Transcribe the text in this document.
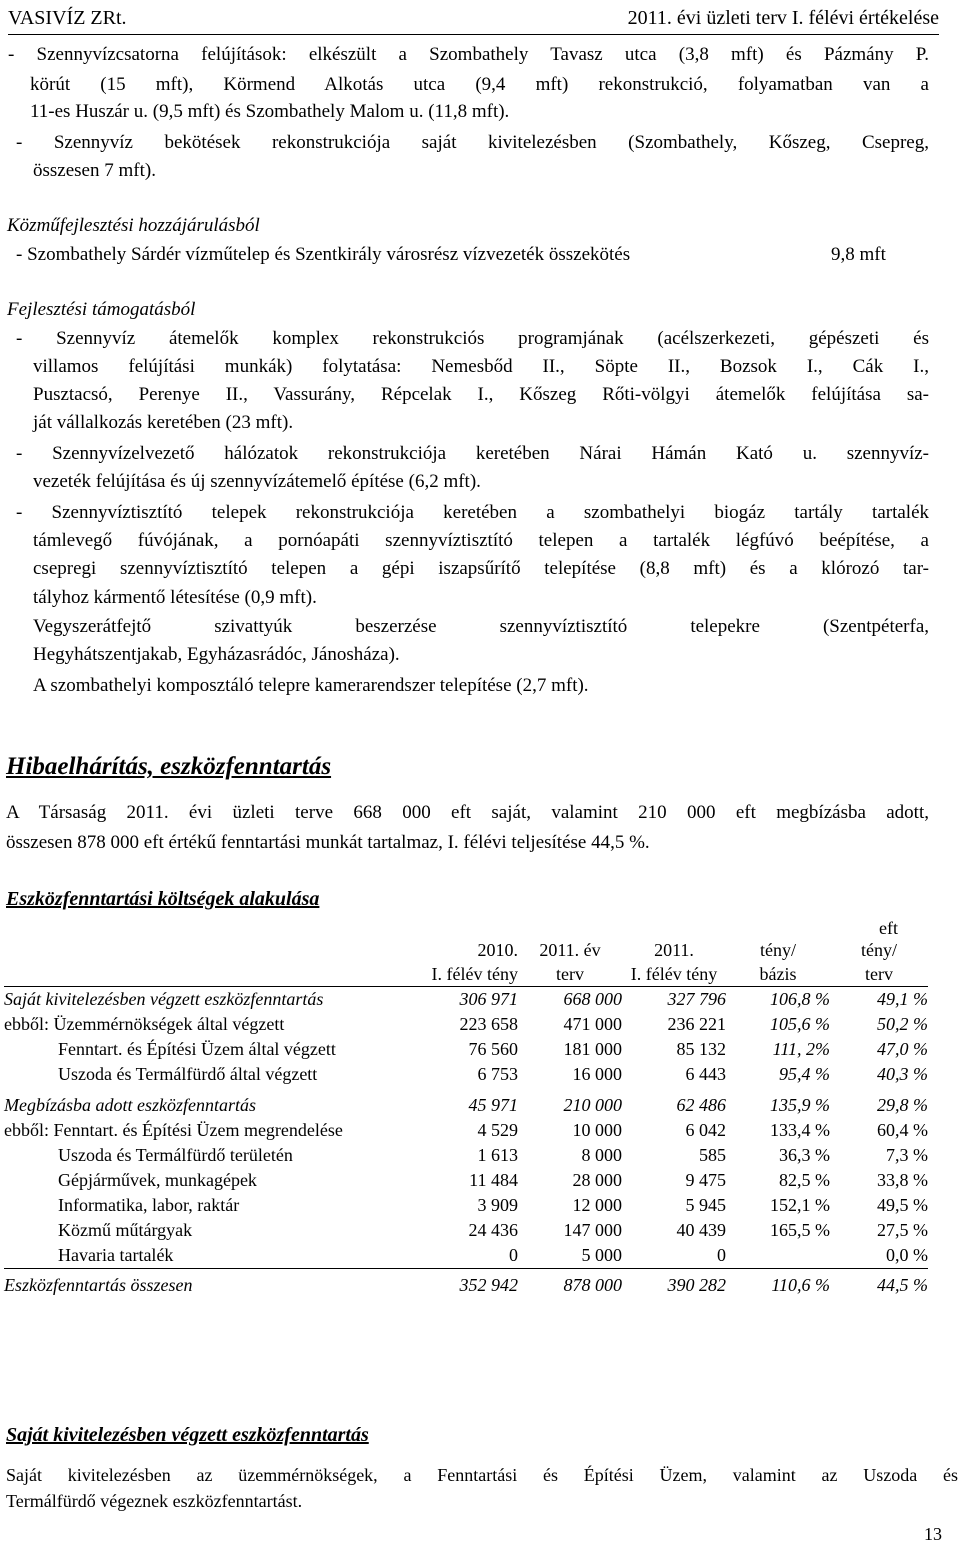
VASIVÍZ ZRt.	2011. évi üzleti terv I. félévi értékelése
- Szennyvízcsatorna felújítások: elkészült a Szombathely Tavasz utca (3,8 mft) és Pázmány P.
körút (15 mft), Körmend Alkotás utca (9,4 mft) rekonstrukció, folyamatban van a
11-es Huszár u. (9,5 mft) és Szombathely Malom u. (11,8 mft).
- Szennyvíz bekötések rekonstrukciója saját kivitelezésben (Szombathely, Kőszeg, Csepreg,
összesen 7 mft).
Közműfejlesztési hozzájárulásból
- Szombathely Sárdér vízműtelep és Szentkirály városrész vízvezeték összekötés	9,8 mft
Fejlesztési támogatásból
- Szennyvíz átemelők komplex rekonstrukciós programjának (acélszerkezeti, gépészeti és
villamos felújítási munkák) folytatása: Nemesbőd II., Söpte II., Bozsok I., Cák I.,
Pusztacsó, Perenye II., Vassurány, Répcelak I., Kőszeg Rőti-völgyi átemelők felújítása sa-
ját vállalkozás keretében (23 mft).
- Szennyvízelvezető hálózatok rekonstrukciója keretében Nárai Hámán Kató u. szennyvíz-
vezeték felújítása és új szennyvízátemelő építése (6,2 mft).
- Szennyvíztisztító telepek rekonstrukciója keretében a szombathelyi biogáz tartály tartalék
támlevegő fúvójának, a pornóapáti szennyvíztisztító telepen a tartalék légfúvó beépítése, a
csepregi szennyvíztisztító telepen a gépi iszapsűrítő telepítése (8,8 mft) és a klórozó tar-
tályhoz kármentő létesítése (0,9 mft).
Vegyszerátfejtő szivattyúk beszerzése szennyvíztisztító telepekre (Szentpéterfa,
Hegyhátszentjakab, Egyházasrádóc, Jánosháza).
A szombathelyi komposztáló telepre kamerarendszer telepítése (2,7 mft).
Hibaelhárítás, eszközfenntartás
A Társaság 2011. évi üzleti terve 668 000 eft saját, valamint 210 000 eft megbízásba adott,
összesen 878 000 eft értékű fenntartási munkát tartalmaz, I. félévi teljesítése 44,5 %.
Eszközfenntartási költségek alakulása
eft
	2010.	2011. év	2011.	tény/	tény/
	I. félév tény	terv	I. félév tény	bázis	terv
Saját kivitelezésben végzett eszközfenntartás	306 971	668 000	327 796	106,8 %	49,1 %
ebből: Üzemmérnökségek által végzett	223 658	471 000	236 221	105,6 %	50,2 %
Fenntart. és Építési Üzem által végzett	76 560	181 000	85 132	111, 2%	47,0 %
Uszoda és Termálfürdő által végzett	6 753	16 000	6 443	95,4 %	40,3 %

Megbízásba adott eszközfenntartás	45 971	210 000	62 486	135,9 %	29,8 %
ebből: Fenntart. és Építési Üzem megrendelése	4 529	10 000	6 042	133,4 %	60,4 %
Uszoda és Termálfürdő területén	1 613	8 000	585	36,3 %	7,3 %
Gépjárművek, munkagépek	11 484	28 000	9 475	82,5 %	33,8 %
Informatika, labor, raktár	3 909	12 000	5 945	152,1 %	49,5 %
Közmű műtárgyak	24 436	147 000	40 439	165,5 %	27,5 %
Havaria tartalék	0	5 000	0		0,0 %
Eszközfenntartás összesen	352 942	878 000	390 282	110,6 %	44,5 %
Saját kivitelezésben végzett eszközfenntartás
Saját kivitelezésben az üzemmérnökségek, a Fenntartási és Építési Üzem, valamint az Uszoda és
Termálfürdő végeznek eszközfenntartást.
13
